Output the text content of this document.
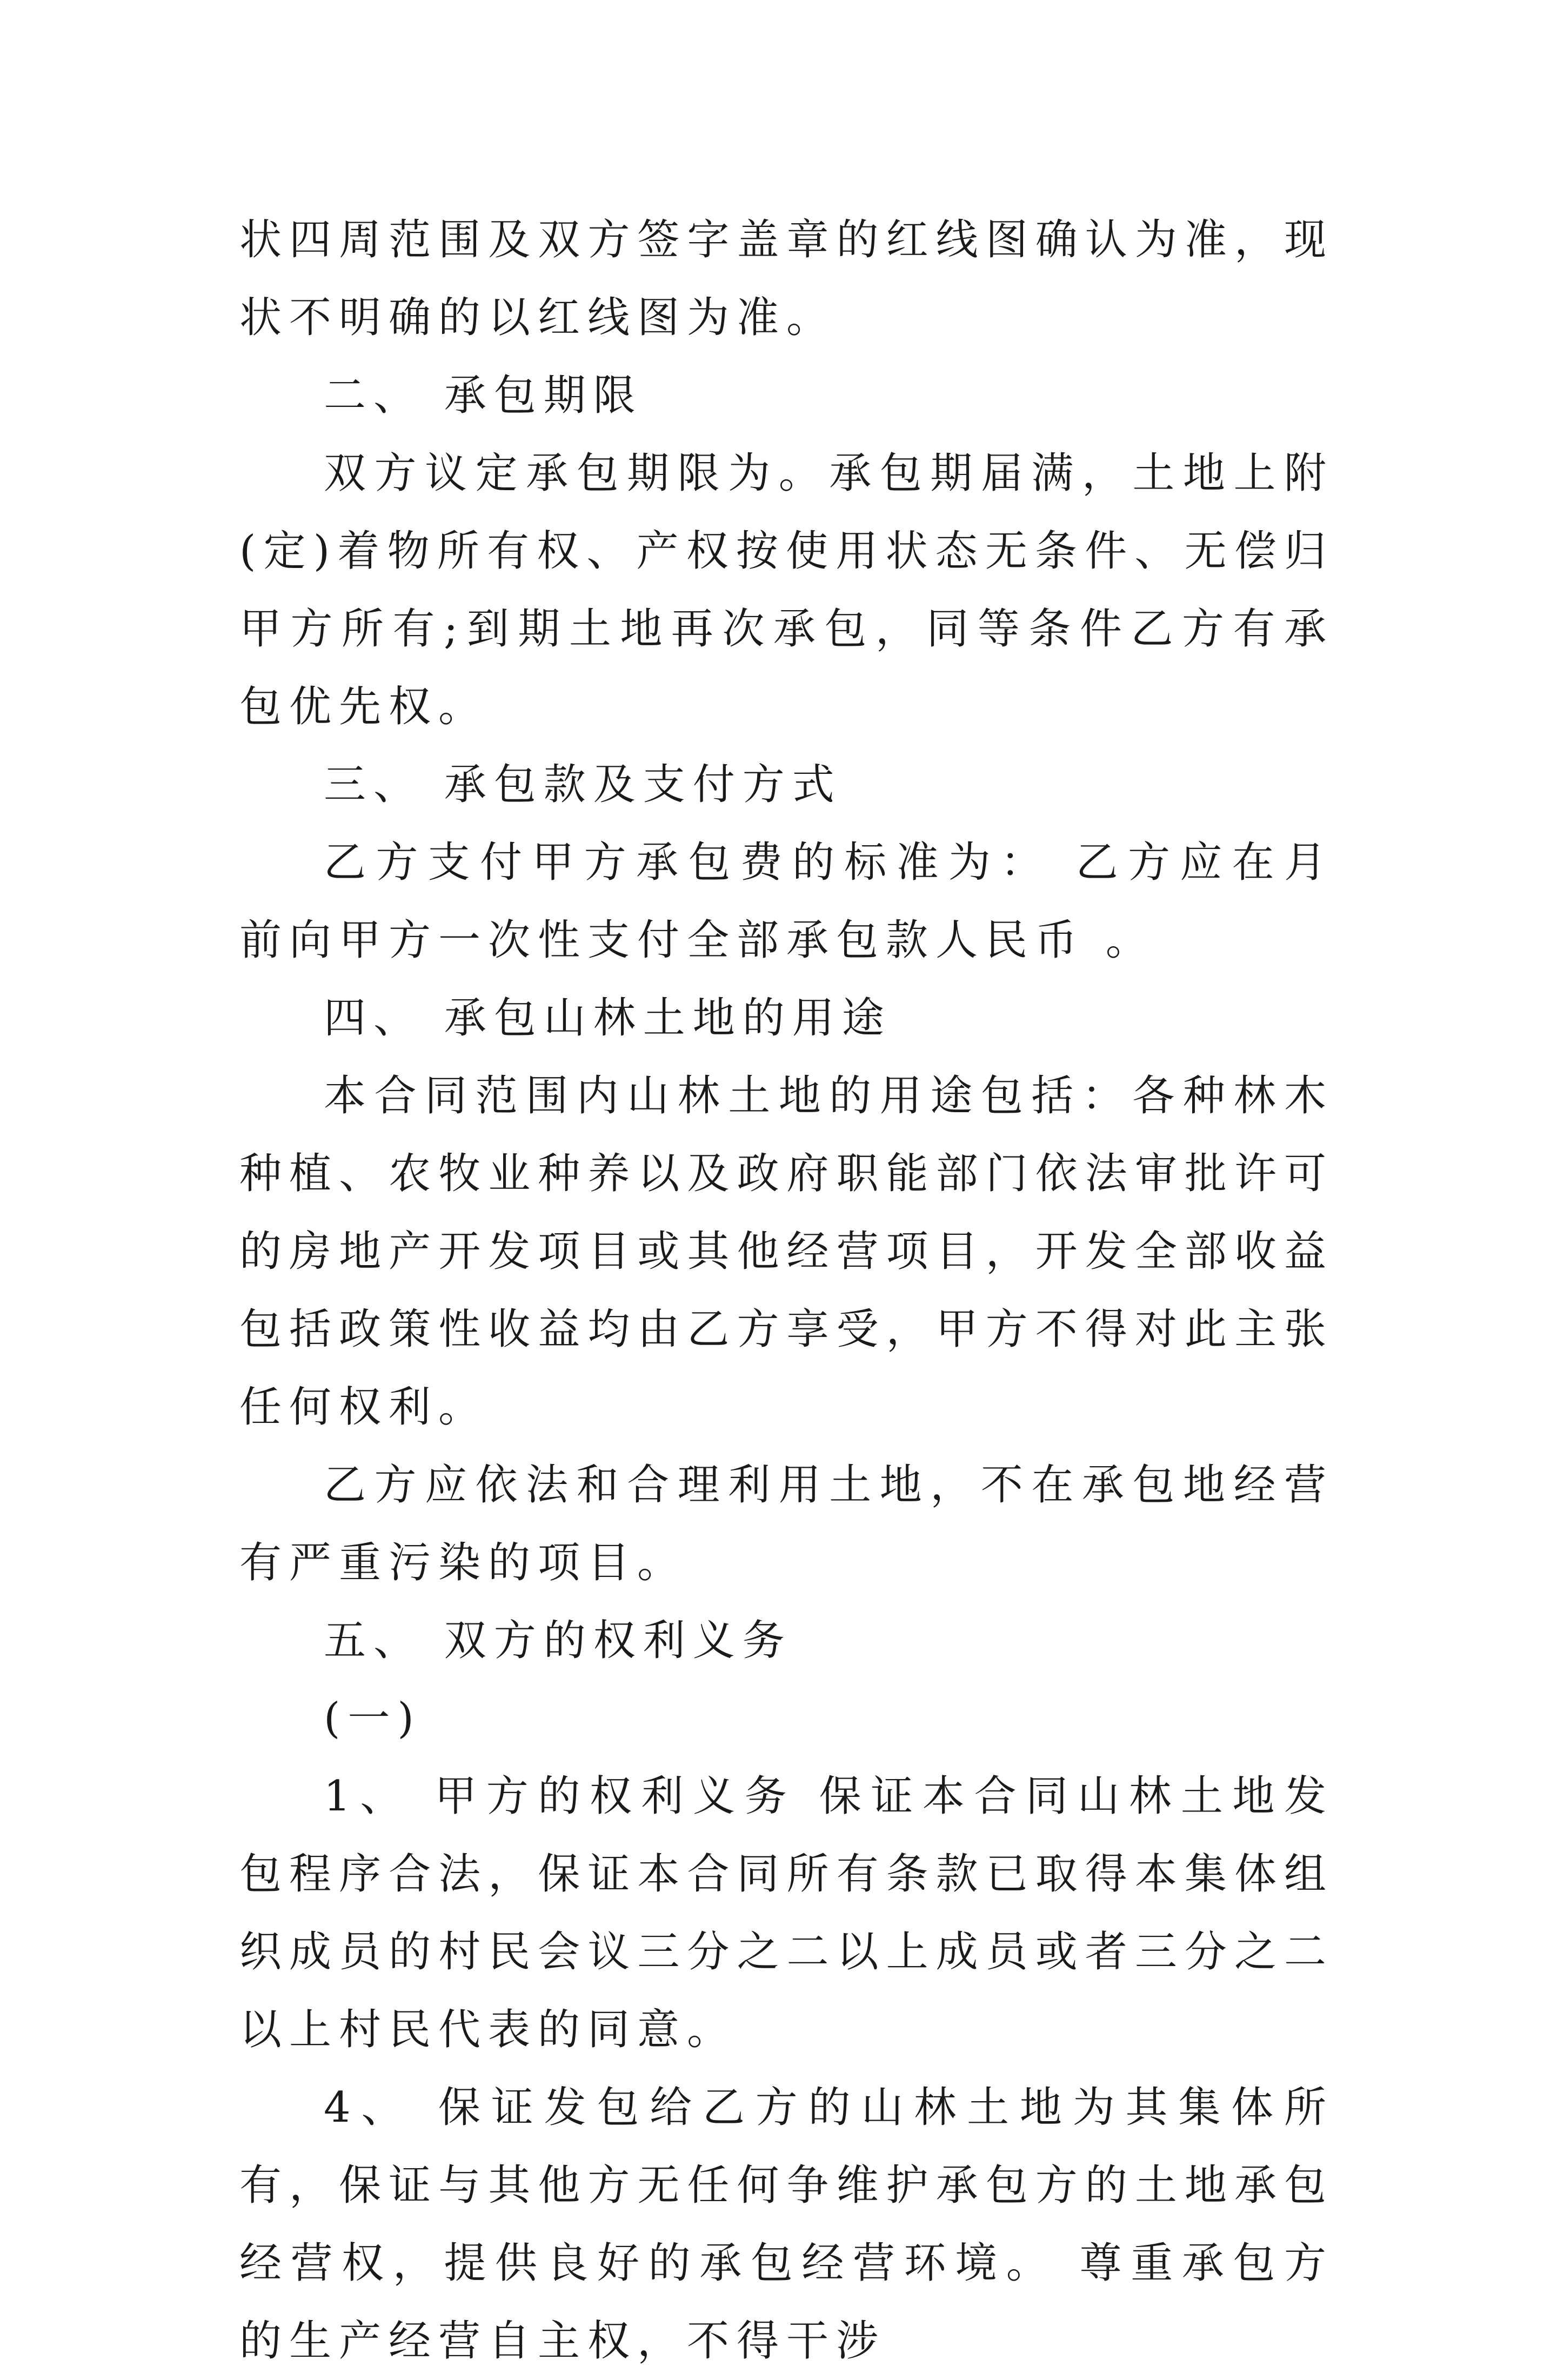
状四周范围及双方签字盖章的红线图确认为准，现状不明确的以红线图为准。

二、 承包期限

双方议定承包期限为。承包期届满，土地上附(定)着物所有权、产权按使用状态无条件、无偿归甲方所有;到期土地再次承包，同等条件乙方有承包优先权。

三、 承包款及支付方式

乙方支付甲方承包费的标准为： 乙方应在月前向甲方一次性支付全部承包款人民币 。

四、 承包山林土地的用途

本合同范围内山林土地的用途包括：各种林木种植、农牧业种养以及政府职能部门依法审批许可的房地产开发项目或其他经营项目，开发全部收益包括政策性收益均由乙方享受，甲方不得对此主张任何权利。

乙方应依法和合理利用土地，不在承包地经营有严重污染的项目。

五、 双方的权利义务

(一)

1、 甲方的权利义务 保证本合同山林土地发包程序合法，保证本合同所有条款已取得本集体组织成员的村民会议三分之二以上成员或者三分之二以上村民代表的同意。

4、 保证发包给乙方的山林土地为其集体所有，保证与其他方无任何争维护承包方的土地承包经营权，提供良好的承包经营环境。 尊重承包方的生产经营自主权，不得干涉
